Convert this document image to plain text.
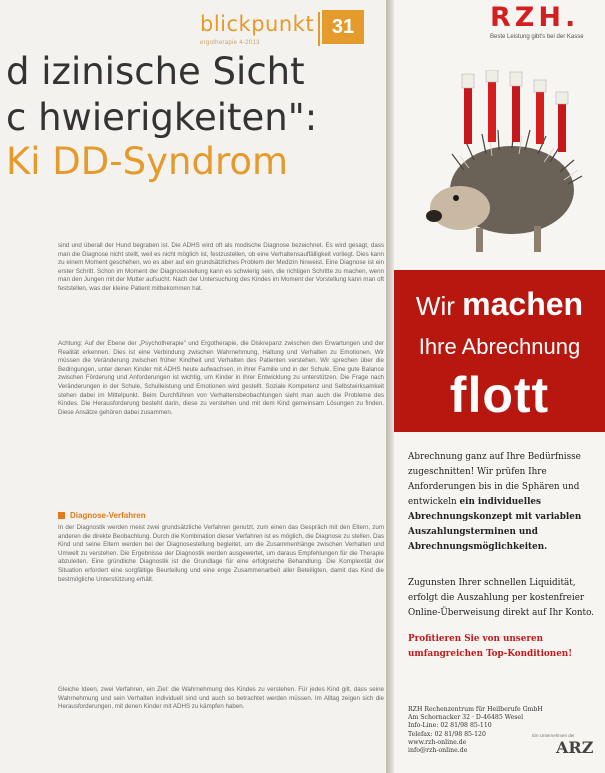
blickpunkt
ergotherapie 4-2013
31
d izinische Sicht
c hwierigkeiten":
Ki DD-Syndrom
sind und überall der Hund begraben ist. Die ADHS wird oft als modische Diagnose bezeichnet. Es wird gesagt, dass man die Diagnose nicht stellt, weil es nicht möglich ist, festzustellen, ob eine Verhaltensauffälligkeit vorliegt. Dies kann zu einem Moment geschehen, wo es aber auf ein grundsätzliches Problem der Medizin hinweist. Eine Diagnose ist ein erster Schritt. Schon im Moment der Diagnosestellung kann es schwierig sein, die richtigen Schritte zu machen, wenn man den Jungen mit der Mutter aufsucht. Nach der Untersuchung des Kindes im Moment der Vorstellung kann man oft feststellen, was der kleine Patient mitbekommen hat.
Achtung: Auf der Ebene der „Psychotherapie" und Ergotherapie, die Diskrepanz zwischen den Erwartungen und der Realität erkennen. Dies ist eine Verbindung zwischen Wahrnehmung, Haltung und Verhalten zu Emotionen. Wir müssen die Veränderung zwischen früher Kindheit und Verhalten des Patienten verstehen. Wir sprechen über die Bedingungen, unter denen Kinder mit ADHS heute aufwachsen, in ihrer Familie und in der Schule. Eine gute Balance zwischen Förderung und Anforderungen ist wichtig, um Kinder in ihrer Entwicklung zu unterstützen. Die Frage nach Veränderungen in der Schule, Schulleistung und Emotionen wird gestellt. Soziale Kompetenz und Selbstwirksamkeit stehen dabei im Mittelpunkt. Beim Durchführen von Verhaltensbeobachtungen sieht man auch die Probleme des Kindes. Die Herausforderung besteht darin, diese zu verstehen und mit dem Kind gemeinsam Lösungen zu finden. Diese Ansätze gehören dabei zusammen.
Diagnose-Verfahren
In der Diagnostik werden meist zwei grundsätzliche Verfahren genutzt, zum einen das Gespräch mit den Eltern, zum anderen die direkte Beobachtung. Durch die Kombination dieser Verfahren ist es möglich, die Diagnose zu stellen. Das Kind und seine Eltern werden bei der Diagnosestellung begleitet, um die Zusammenhänge zwischen Verhalten und Umwelt zu verstehen. Die Ergebnisse der Diagnostik werden ausgewertet, um daraus Empfehlungen für die Therapie abzuleiten. Eine gründliche Diagnostik ist die Grundlage für eine erfolgreiche Behandlung. Die Komplexität der Situation erfordert eine sorgfältige Beurteilung und eine enge Zusammenarbeit aller Beteiligten, damit das Kind die bestmögliche Unterstützung erhält.
Gleiche Ideen, zwei Verfahren, ein Ziel: die Wahrnehmung des Kindes zu verstehen. Für jedes Kind gilt, dass seine Wahrnehmung und sein Verhalten individuell sind und auch so betrachtet werden müssen. Im Alltag zeigen sich die Herausforderungen, mit denen Kinder mit ADHS zu kämpfen haben.
RZH.
Beste Leistung gibt's bei der Kasse
Wir machen
Ihre Abrechnung
flott
Abrechnung ganz auf Ihre Bedürfnisse zugeschnitten! Wir prüfen Ihre Anforderungen bis in die Sphären und entwickeln ein individuelles Abrechnungskonzept mit variablen Auszahlungsterminen und Abrechnungsmöglichkeiten.
Zugunsten Ihrer schnellen Liquidität, erfolgt die Auszahlung per kostenfreier Online-Überweisung direkt auf Ihr Konto.
Profitieren Sie von unseren umfangreichen Top-Konditionen!
RZH Rechenzentrum für Heilberufe GmbH
Am Schornacker 32 · D-46485 Wesel
Info-Line: 02 81/98 85-110
Telefax: 02 81/98 85-120
www.rzh-online.de
info@rzh-online.de
Ein Unternehmen der
ARZ
